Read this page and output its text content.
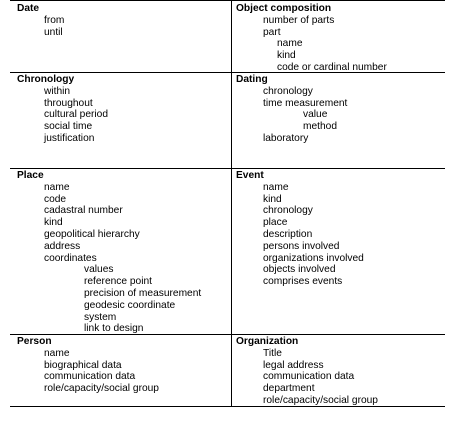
Date
from
until
Object composition
number of parts
part
name
kind
code or cardinal number
Chronology
within
throughout
cultural period
social time
justification
Dating
chronology
time measurement
value
method
laboratory
Place
name
code
cadastral number
kind
geopolitical hierarchy
address
coordinates
values
reference point
precision of measurement
geodesic coordinate
system
link to design
Event
name
kind
chronology
place
description
persons involved
organizations involved
objects involved
comprises events
Person
name
biographical data
communication data
role/capacity/social group
Organization
Title
legal address
communication data
department
role/capacity/social group
